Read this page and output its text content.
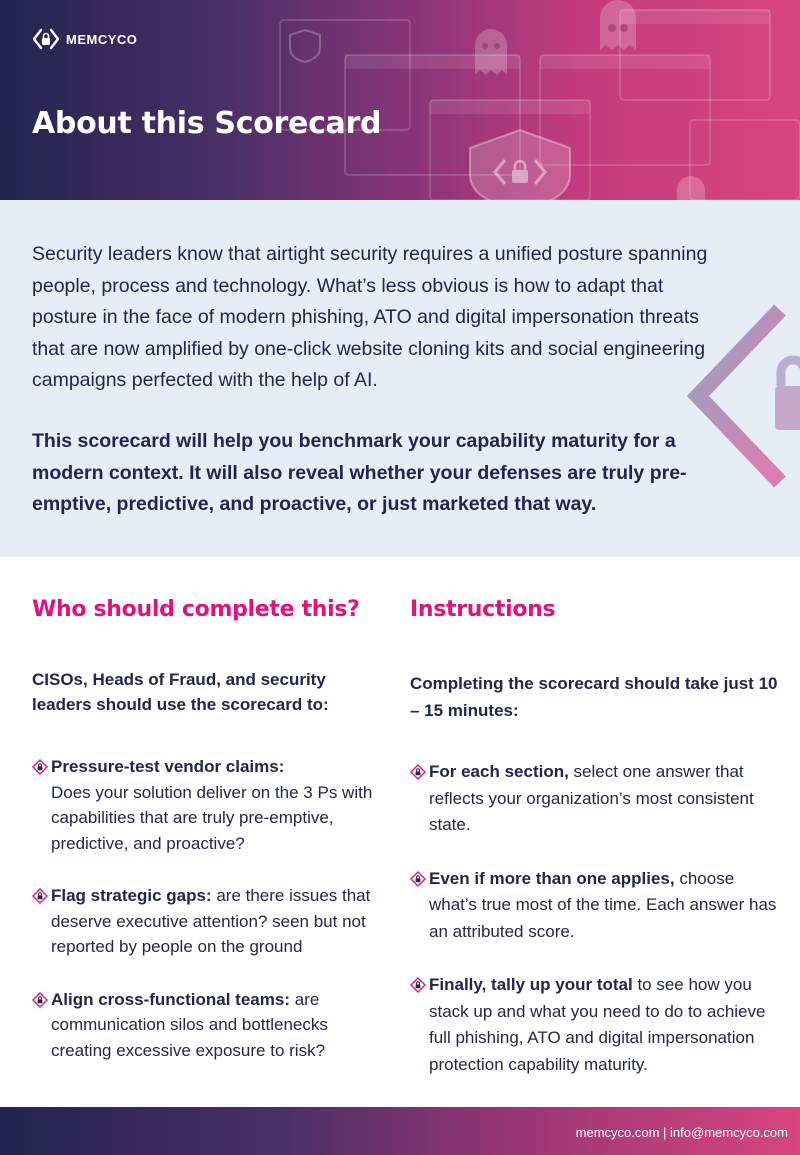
MEMCYCO
About this Scorecard

Security leaders know that airtight security requires a unified posture spanning people, process and technology. What’s less obvious is how to adapt that posture in the face of modern phishing, ATO and digital impersonation threats that are now amplified by one-click website cloning kits and social engineering campaigns perfected with the help of AI.

This scorecard will help you benchmark your capability maturity for a modern context. It will also reveal whether your defenses are truly pre-emptive, predictive, and proactive, or just marketed that way.

Who should complete this?

CISOs, Heads of Fraud, and security leaders should use the scorecard to:

Pressure-test vendor claims:
Does your solution deliver on the 3 Ps with capabilities that are truly pre-emptive, predictive, and proactive?
Flag strategic gaps: are there issues that deserve executive attention? seen but not reported by people on the ground
Align cross-functional teams: are communication silos and bottlenecks creating excessive exposure to risk?
Instructions

Completing the scorecard should take just 10 – 15 minutes:

For each section, select one answer that reflects your organization’s most consistent state.
Even if more than one applies, choose what’s true most of the time. Each answer has an attributed score.
Finally, tally up your total to see how you stack up and what you need to do to achieve full phishing, ATO and digital impersonation protection capability maturity.
memcyco.com | info@memcyco.com
